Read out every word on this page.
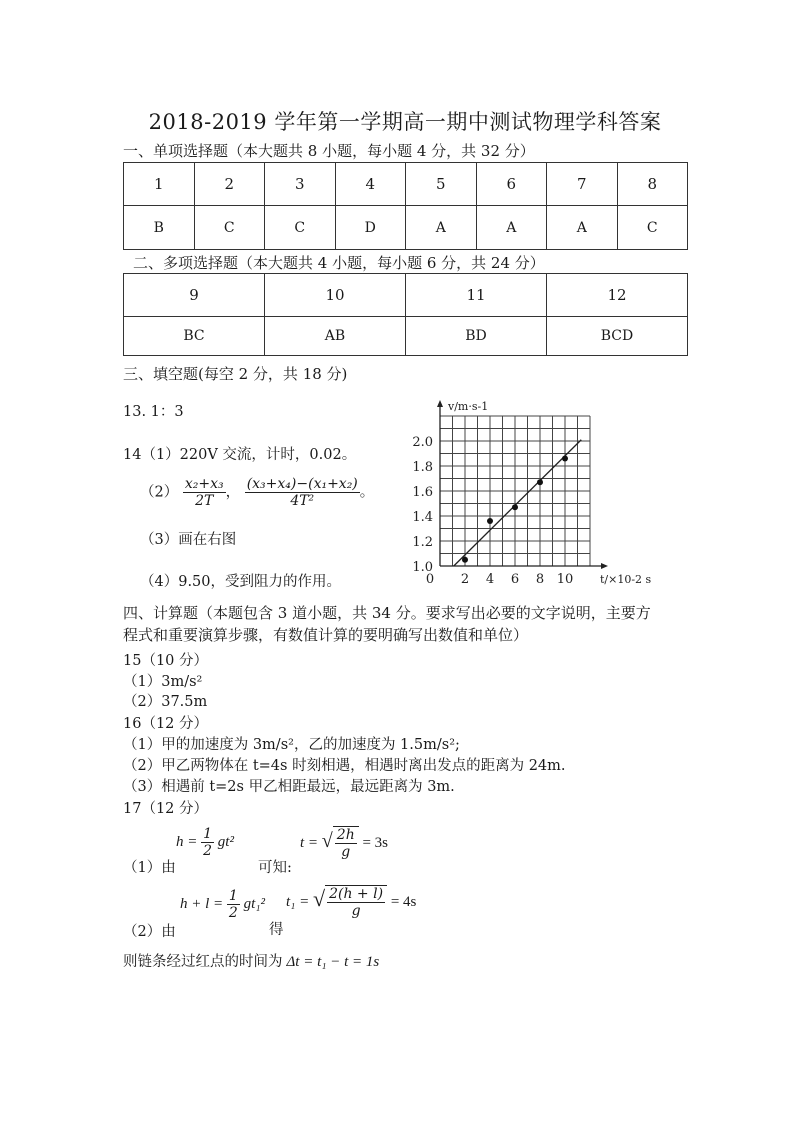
2018-2019 学年第一学期高一期中测试物理学科答案
一、单项选择题（本大题共 8 小题，每小题 4 分，共 32 分）
1	2	3	4	5	6	7	8
B	C	C	D	A	A	A	C
二、多项选择题（本大题共 4 小题，每小题 6 分，共 24 分）
9	10	11	12
BC	AB	BD	BCD
三、填空题(每空 2 分，共 18 分)
13. 1：3
14（1）220V 交流，计时，0.02。
$(2) \frac{\text{x₂+x₃}}{2T}$ ， $\frac{\text{(x₃+x₄)−(x₁+x₂)}}{\text{4T²}}$ 。
（3）画在右图
（4）9.50，受到阻力的作用。	2 4 6 8 10
1.0
1.2
1.4
1.6
1.8
2.0
0
v/m·s-1
t/×10-2 s
四、计算题（本题包含 3 道小题，共 34 分。要求写出必要的文字说明，主要方
程式和重要演算步骤，有数值计算的要明确写出数值和单位）
15（10 分）
（1）3m/s²
（2）37.5m
16（12 分）
（1）甲的加速度为 3m/s²，乙的加速度为 1.5m/s²;
（2）甲乙两物体在 t=4s 时刻相遇，相遇时离出发点的距离为 24m.
（3）相遇前 t=2s 甲乙相距最远，最远距离为 3m.
17（12 分）
（1）由
$h = \frac{1}{2} gt^2$
可知:
t = √ $\frac{2h}{g} = 3s$
（2）由
$h + l = \frac{1}{2} gt_1^2$
得
t₁ = √ $\frac{2(h + l)}{g} = 4s$
则链条经过红点的时间为 Δt = t₁ − t = 1s
